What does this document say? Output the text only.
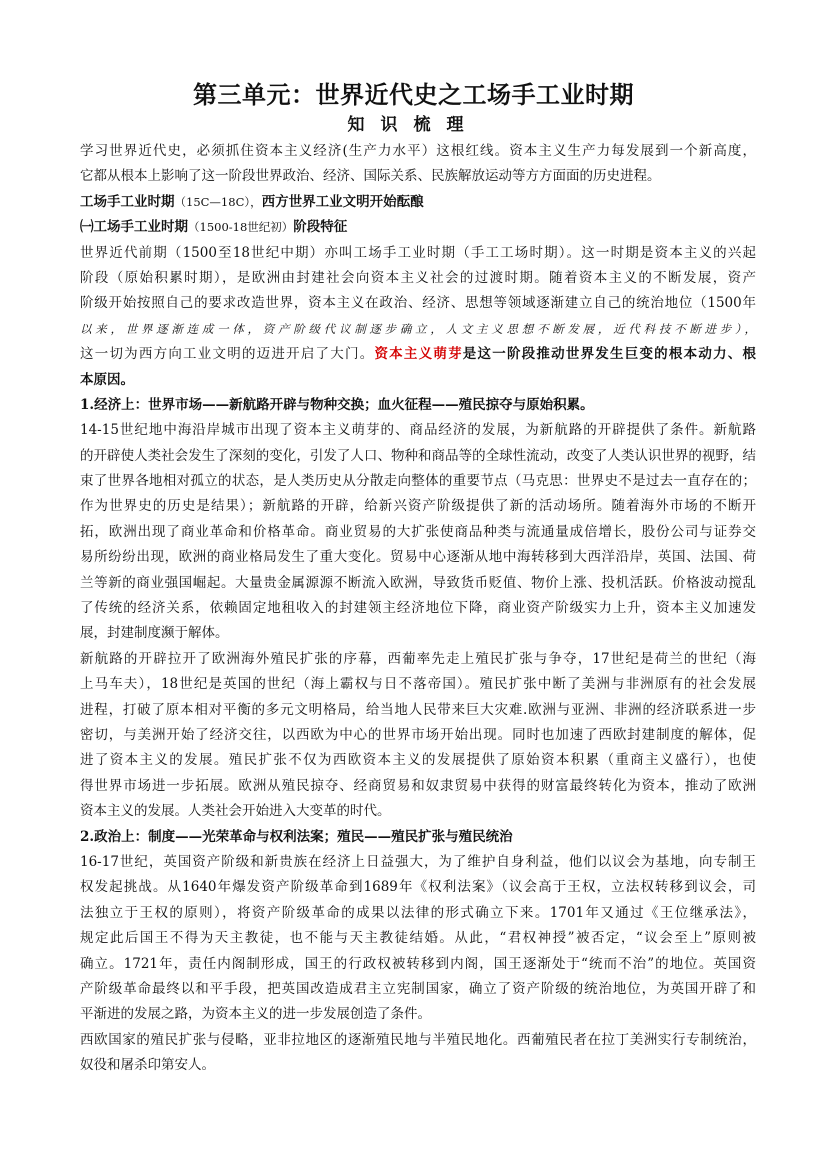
第三单元：世界近代史之工场手工业时期
知识梳理
学习世界近代史，必须抓住资本主义经济(生产力水平）这根红线。资本主义生产力每发展到一个新高度，
它都从根本上影响了这一阶段世界政治、经济、国际关系、民族解放运动等方方面面的历史进程。
工场手工业时期（15C—18C），西方世界工业文明开始酝酿
㈠工场手工业时期（1500-18世纪初）阶段特征
世界近代前期（1500至18世纪中期）亦叫工场手工业时期（手工工场时期）。这一时期是资本主义的兴起
阶段（原始积累时期），是欧洲由封建社会向资本主义社会的过渡时期。随着资本主义的不断发展，资产
阶级开始按照自己的要求改造世界，资本主义在政治、经济、思想等领域逐渐建立自己的统治地位（1500年
以来，世界逐渐连成一体，资产阶级代议制逐步确立，人文主义思想不断发展，近代科技不断进步），
这一切为西方向工业文明的迈进开启了大门。资本主义萌芽是这一阶段推动世界发生巨变的根本动力、根
本原因。
1.经济上：世界市场——新航路开辟与物种交换；血火征程——殖民掠夺与原始积累。
14-15世纪地中海沿岸城市出现了资本主义萌芽的、商品经济的发展，为新航路的开辟提供了条件。新航路
的开辟使人类社会发生了深刻的变化，引发了人口、物种和商品等的全球性流动，改变了人类认识世界的视野，结
束了世界各地相对孤立的状态，是人类历史从分散走向整体的重要节点（马克思：世界史不是过去一直存在的；
作为世界史的历史是结果）；新航路的开辟，给新兴资产阶级提供了新的活动场所。随着海外市场的不断开
拓，欧洲出现了商业革命和价格革命。商业贸易的大扩张使商品种类与流通量成倍增长，股份公司与证券交
易所纷纷出现，欧洲的商业格局发生了重大变化。贸易中心逐渐从地中海转移到大西洋沿岸，英国、法国、荷
兰等新的商业强国崛起。大量贵金属源源不断流入欧洲，导致货币贬值、物价上涨、投机活跃。价格波动搅乱
了传统的经济关系，依赖固定地租收入的封建领主经济地位下降，商业资产阶级实力上升，资本主义加速发
展，封建制度濒于解体。
新航路的开辟拉开了欧洲海外殖民扩张的序幕，西葡率先走上殖民扩张与争夺，17世纪是荷兰的世纪（海
上马车夫），18世纪是英国的世纪（海上霸权与日不落帝国）。殖民扩张中断了美洲与非洲原有的社会发展
进程，打破了原本相对平衡的多元文明格局，给当地人民带来巨大灾难.欧洲与亚洲、非洲的经济联系进一步
密切，与美洲开始了经济交往，以西欧为中心的世界市场开始出现。同时也加速了西欧封建制度的解体，促
进了资本主义的发展。殖民扩张不仅为西欧资本主义的发展提供了原始资本积累（重商主义盛行），也使
得世界市场进一步拓展。欧洲从殖民掠夺、经商贸易和奴隶贸易中获得的财富最终转化为资本，推动了欧洲
资本主义的发展。人类社会开始进入大变革的时代。
2.政治上：制度——光荣革命与权利法案；殖民——殖民扩张与殖民统治
16-17世纪，英国资产阶级和新贵族在经济上日益强大，为了维护自身利益，他们以议会为基地，向专制王
权发起挑战。从1640年爆发资产阶级革命到1689年《权利法案》（议会高于王权，立法权转移到议会，司
法独立于王权的原则），将资产阶级革命的成果以法律的形式确立下来。1701年又通过《王位继承法》，
规定此后国王不得为天主教徒，也不能与天主教徒结婚。从此，“君权神授”被否定，“议会至上”原则被
确立。1721年，责任内阁制形成，国王的行政权被转移到内阁，国王逐渐处于“统而不治”的地位。英国资
产阶级革命最终以和平手段，把英国改造成君主立宪制国家，确立了资产阶级的统治地位，为英国开辟了和
平渐进的发展之路，为资本主义的进一步发展创造了条件。
西欧国家的殖民扩张与侵略，亚非拉地区的逐渐殖民地与半殖民地化。西葡殖民者在拉丁美洲实行专制统治，
奴役和屠杀印第安人。
